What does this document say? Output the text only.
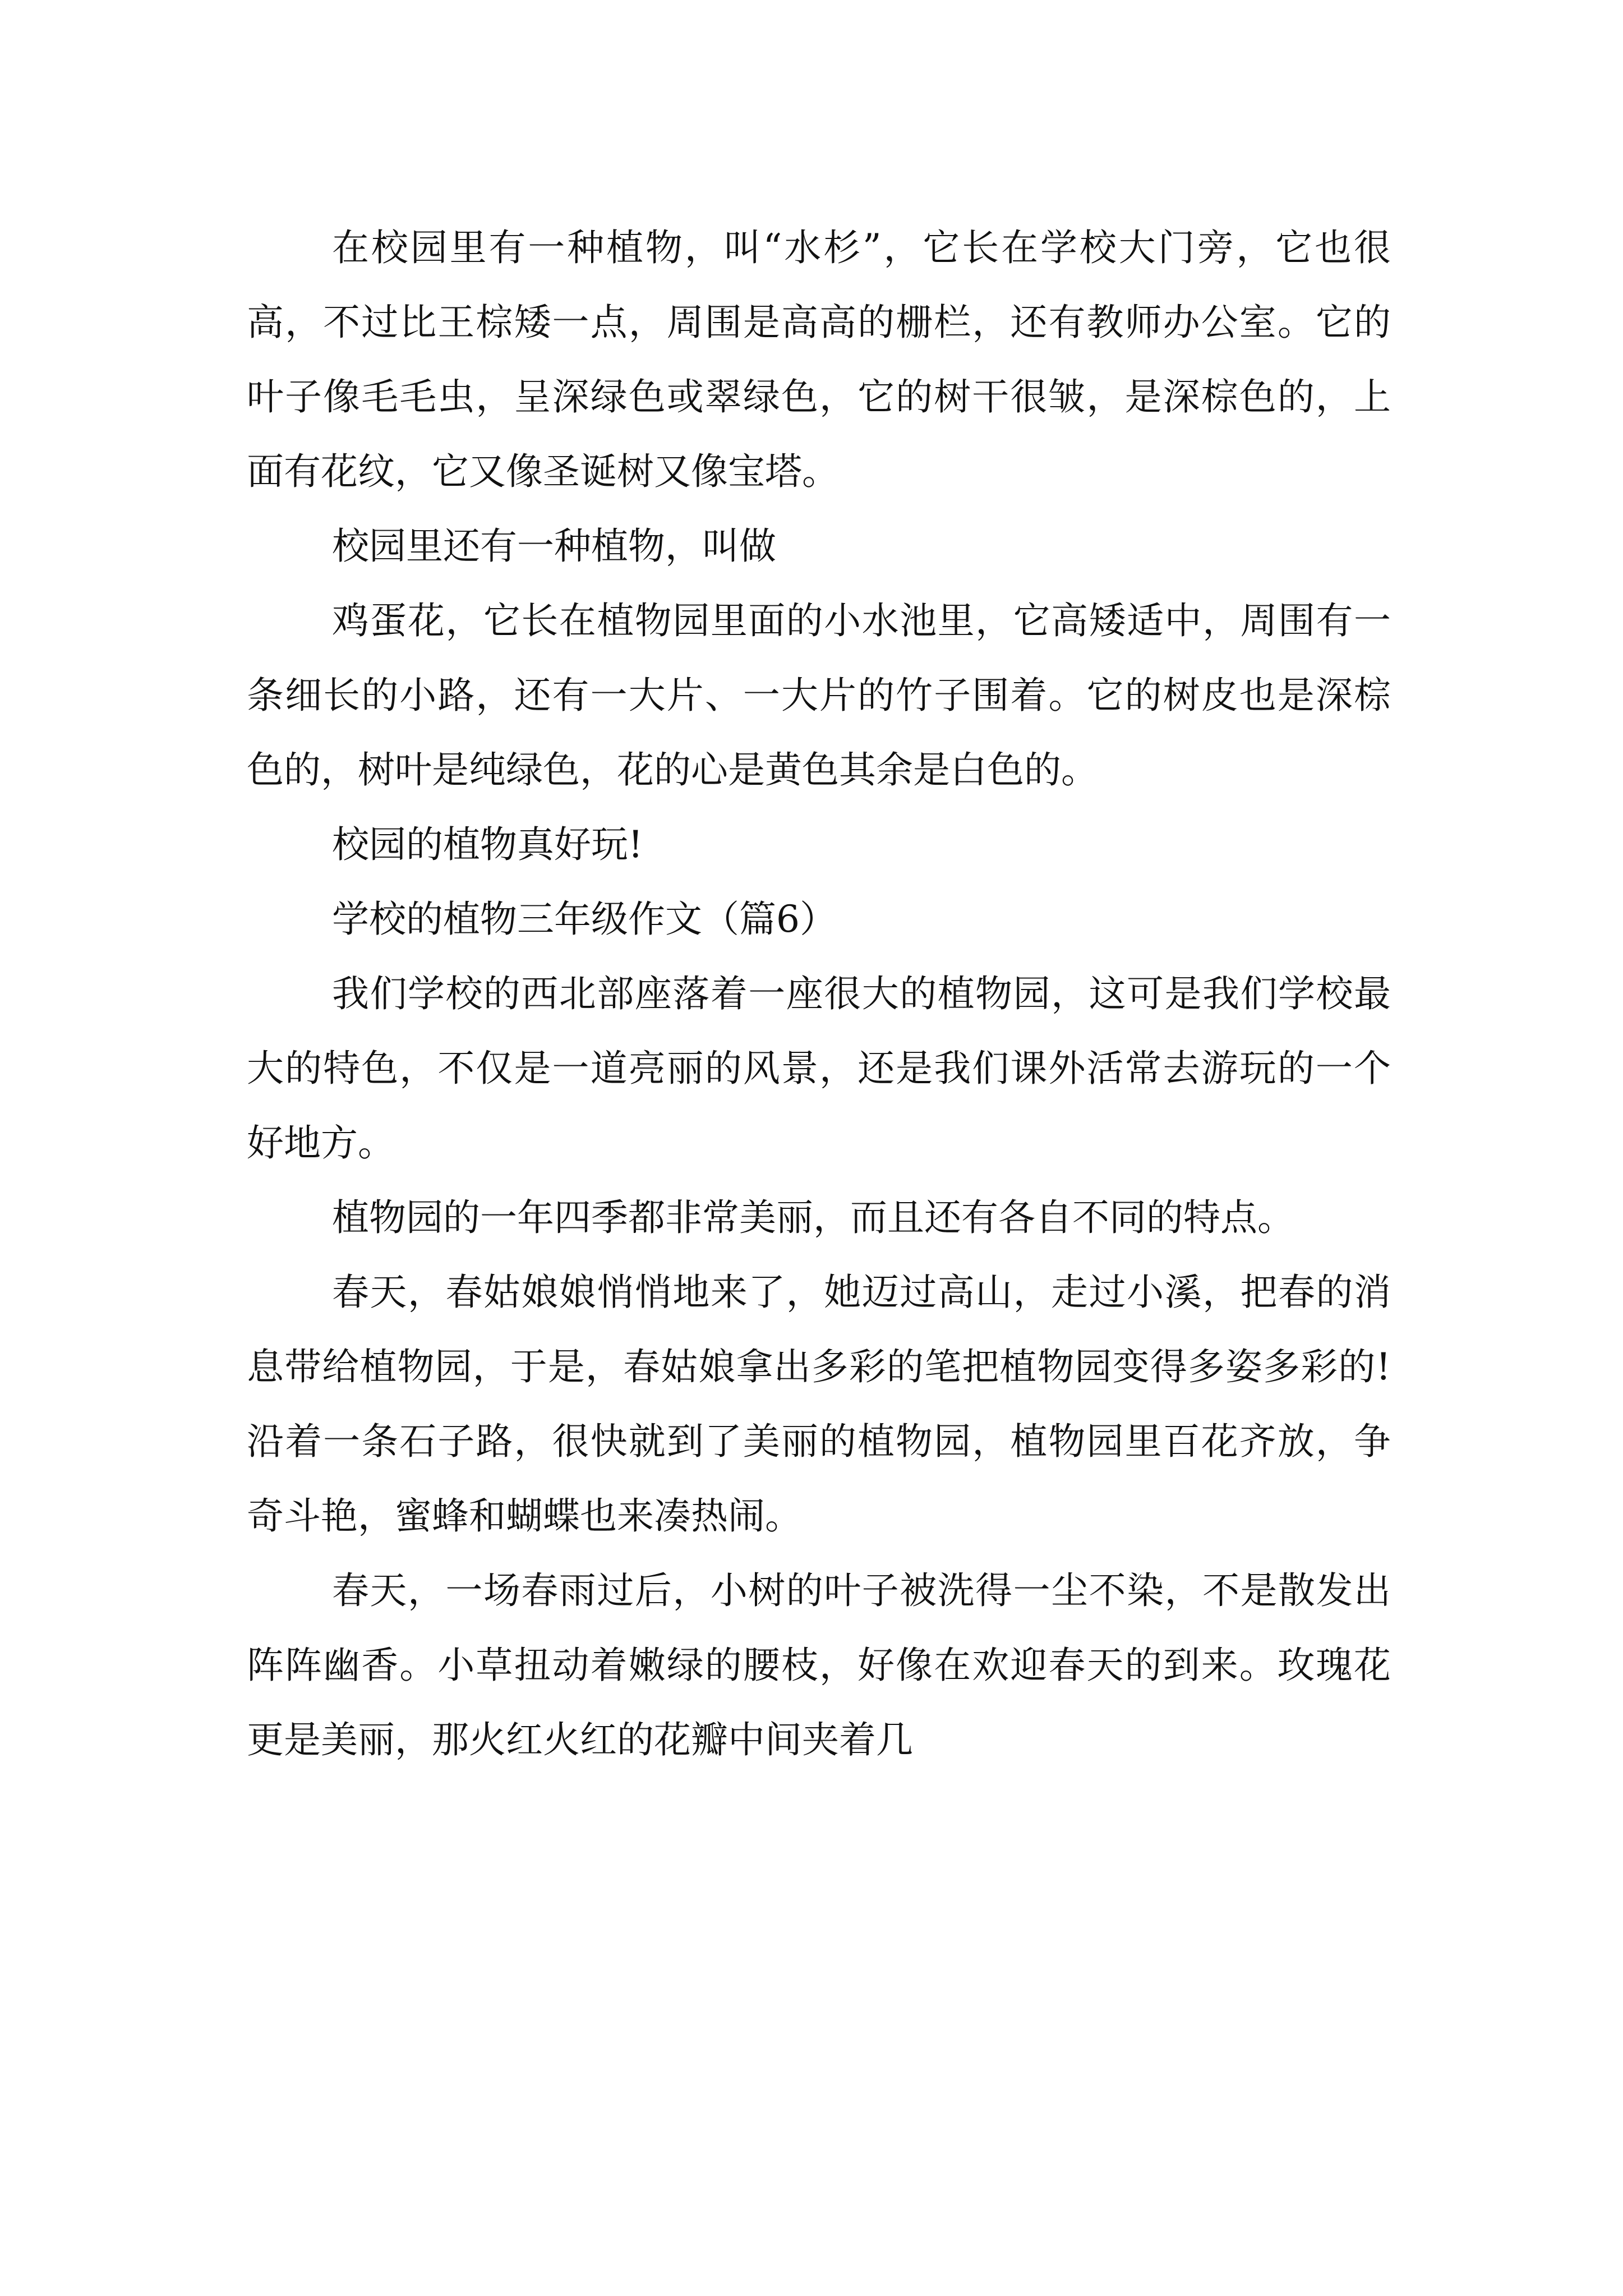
在校园里有一种植物，叫“水杉”，它长在学校大门旁，它也很高，不过比王棕矮一点，周围是高高的栅栏，还有教师办公室。它的叶子像毛毛虫，呈深绿色或翠绿色，它的树干很皱，是深棕色的，上面有花纹，它又像圣诞树又像宝塔。

校园里还有一种植物，叫做

鸡蛋花，它长在植物园里面的小水池里，它高矮适中，周围有一条细长的小路，还有一大片、一大片的竹子围着。它的树皮也是深棕色的，树叶是纯绿色，花的心是黄色其余是白色的。

校园的植物真好玩!

学校的植物三年级作文（篇6）

我们学校的西北部座落着一座很大的植物园，这可是我们学校最大的特色，不仅是一道亮丽的风景，还是我们课外活常去游玩的一个好地方。

植物园的一年四季都非常美丽，而且还有各自不同的特点。

春天，春姑娘娘悄悄地来了，她迈过高山，走过小溪，把春的消息带给植物园，于是，春姑娘拿出多彩的笔把植物园变得多姿多彩的!沿着一条石子路，很快就到了美丽的植物园，植物园里百花齐放，争奇斗艳，蜜蜂和蝴蝶也来凑热闹。

春天，一场春雨过后，小树的叶子被洗得一尘不染，不是散发出阵阵幽香。小草扭动着嫩绿的腰枝，好像在欢迎春天的到来。玫瑰花更是美丽，那火红火红的花瓣中间夹着几
